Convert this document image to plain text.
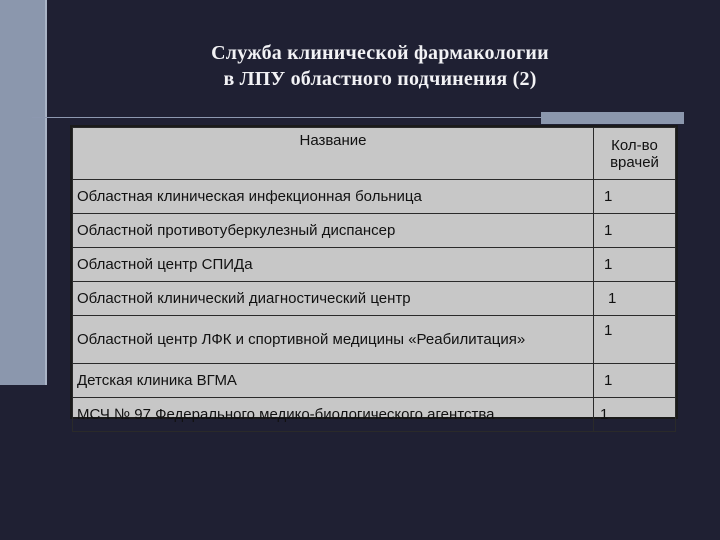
Служба клинической фармакологии
в ЛПУ областного подчинения (2)
Название	Кол-во врачей
Областная клиническая инфекционная больница	1
Областной противотуберкулезный диспансер	1
Областной центр СПИДа	1
Областной клинический диагностический центр	1
Областной центр ЛФК и спортивной медицины «Реабилитация»	1
Детская клиника ВГМА	1
МСЧ № 97 Федерального медико-биологического агентства	1
